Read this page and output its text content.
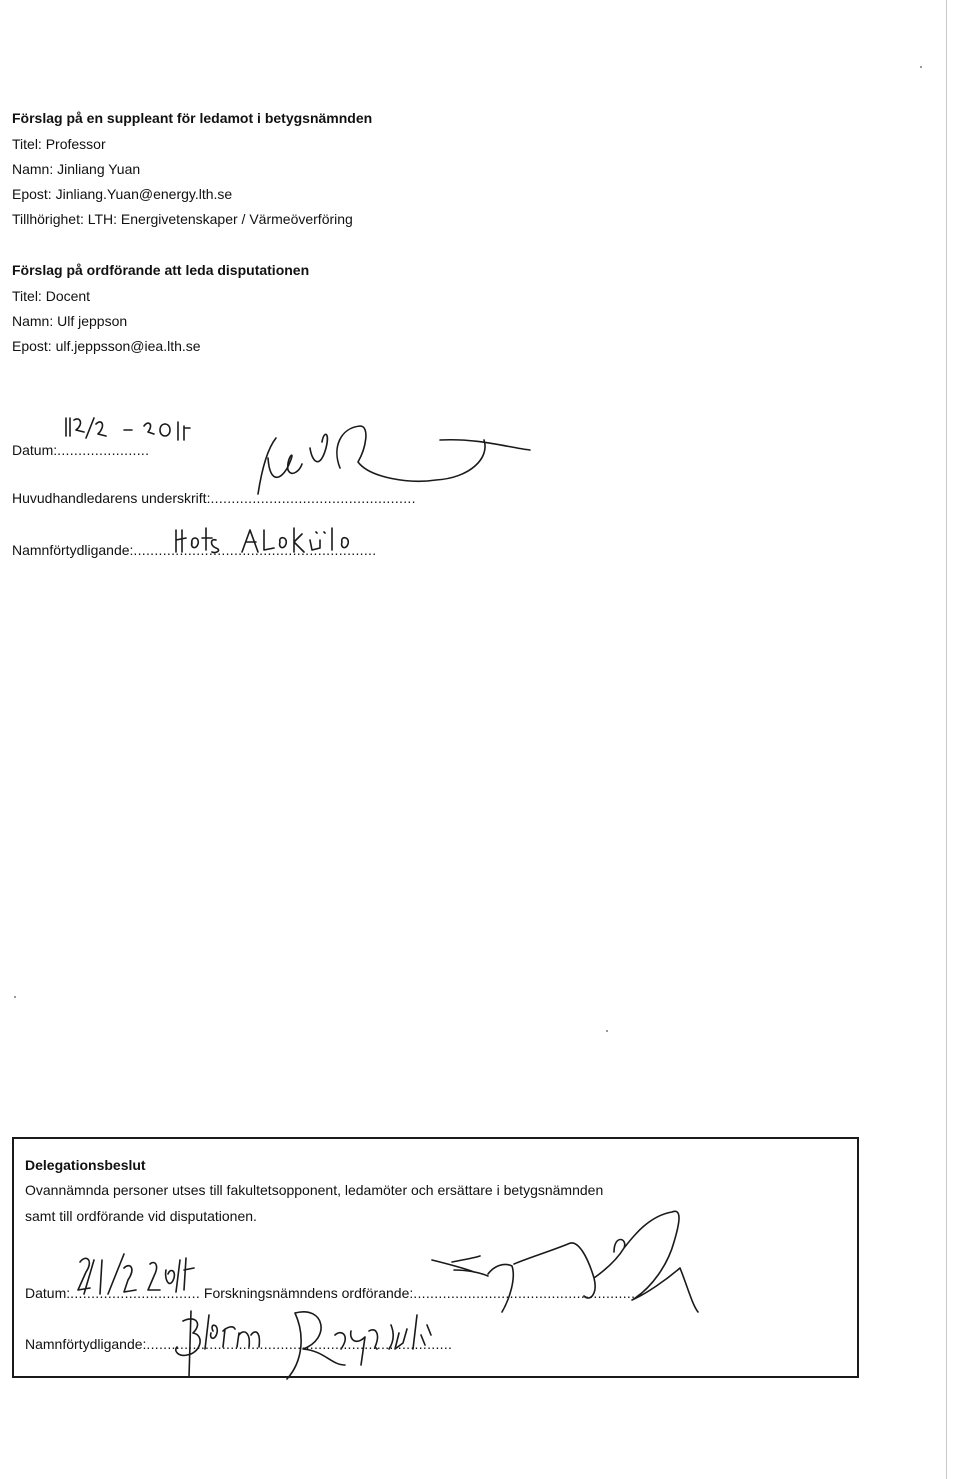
Förslag på en suppleant för ledamot i betygsnämnden
Titel: Professor
Namn: Jinliang Yuan
Epost: Jinliang.Yuan@energy.lth.se
Tillhörighet: LTH: Energivetenskaper / Värmeöverföring
Förslag på ordförande att leda disputationen
Titel: Docent
Namn: Ulf jeppson
Epost: ulf.jeppsson@iea.lth.se
Datum:......................
Huvudhandledarens underskrift:.................................................
Namnförtydligande:..........................................................
Delegationsbeslut
Ovannämnda personer utses till fakultetsopponent, ledamöter och ersättare i betygsnämnden
samt till ordförande vid disputationen.
Datum:............................... Forskningsnämndens ordförande:......................................................
Namnförtydligande:.........................................................................
